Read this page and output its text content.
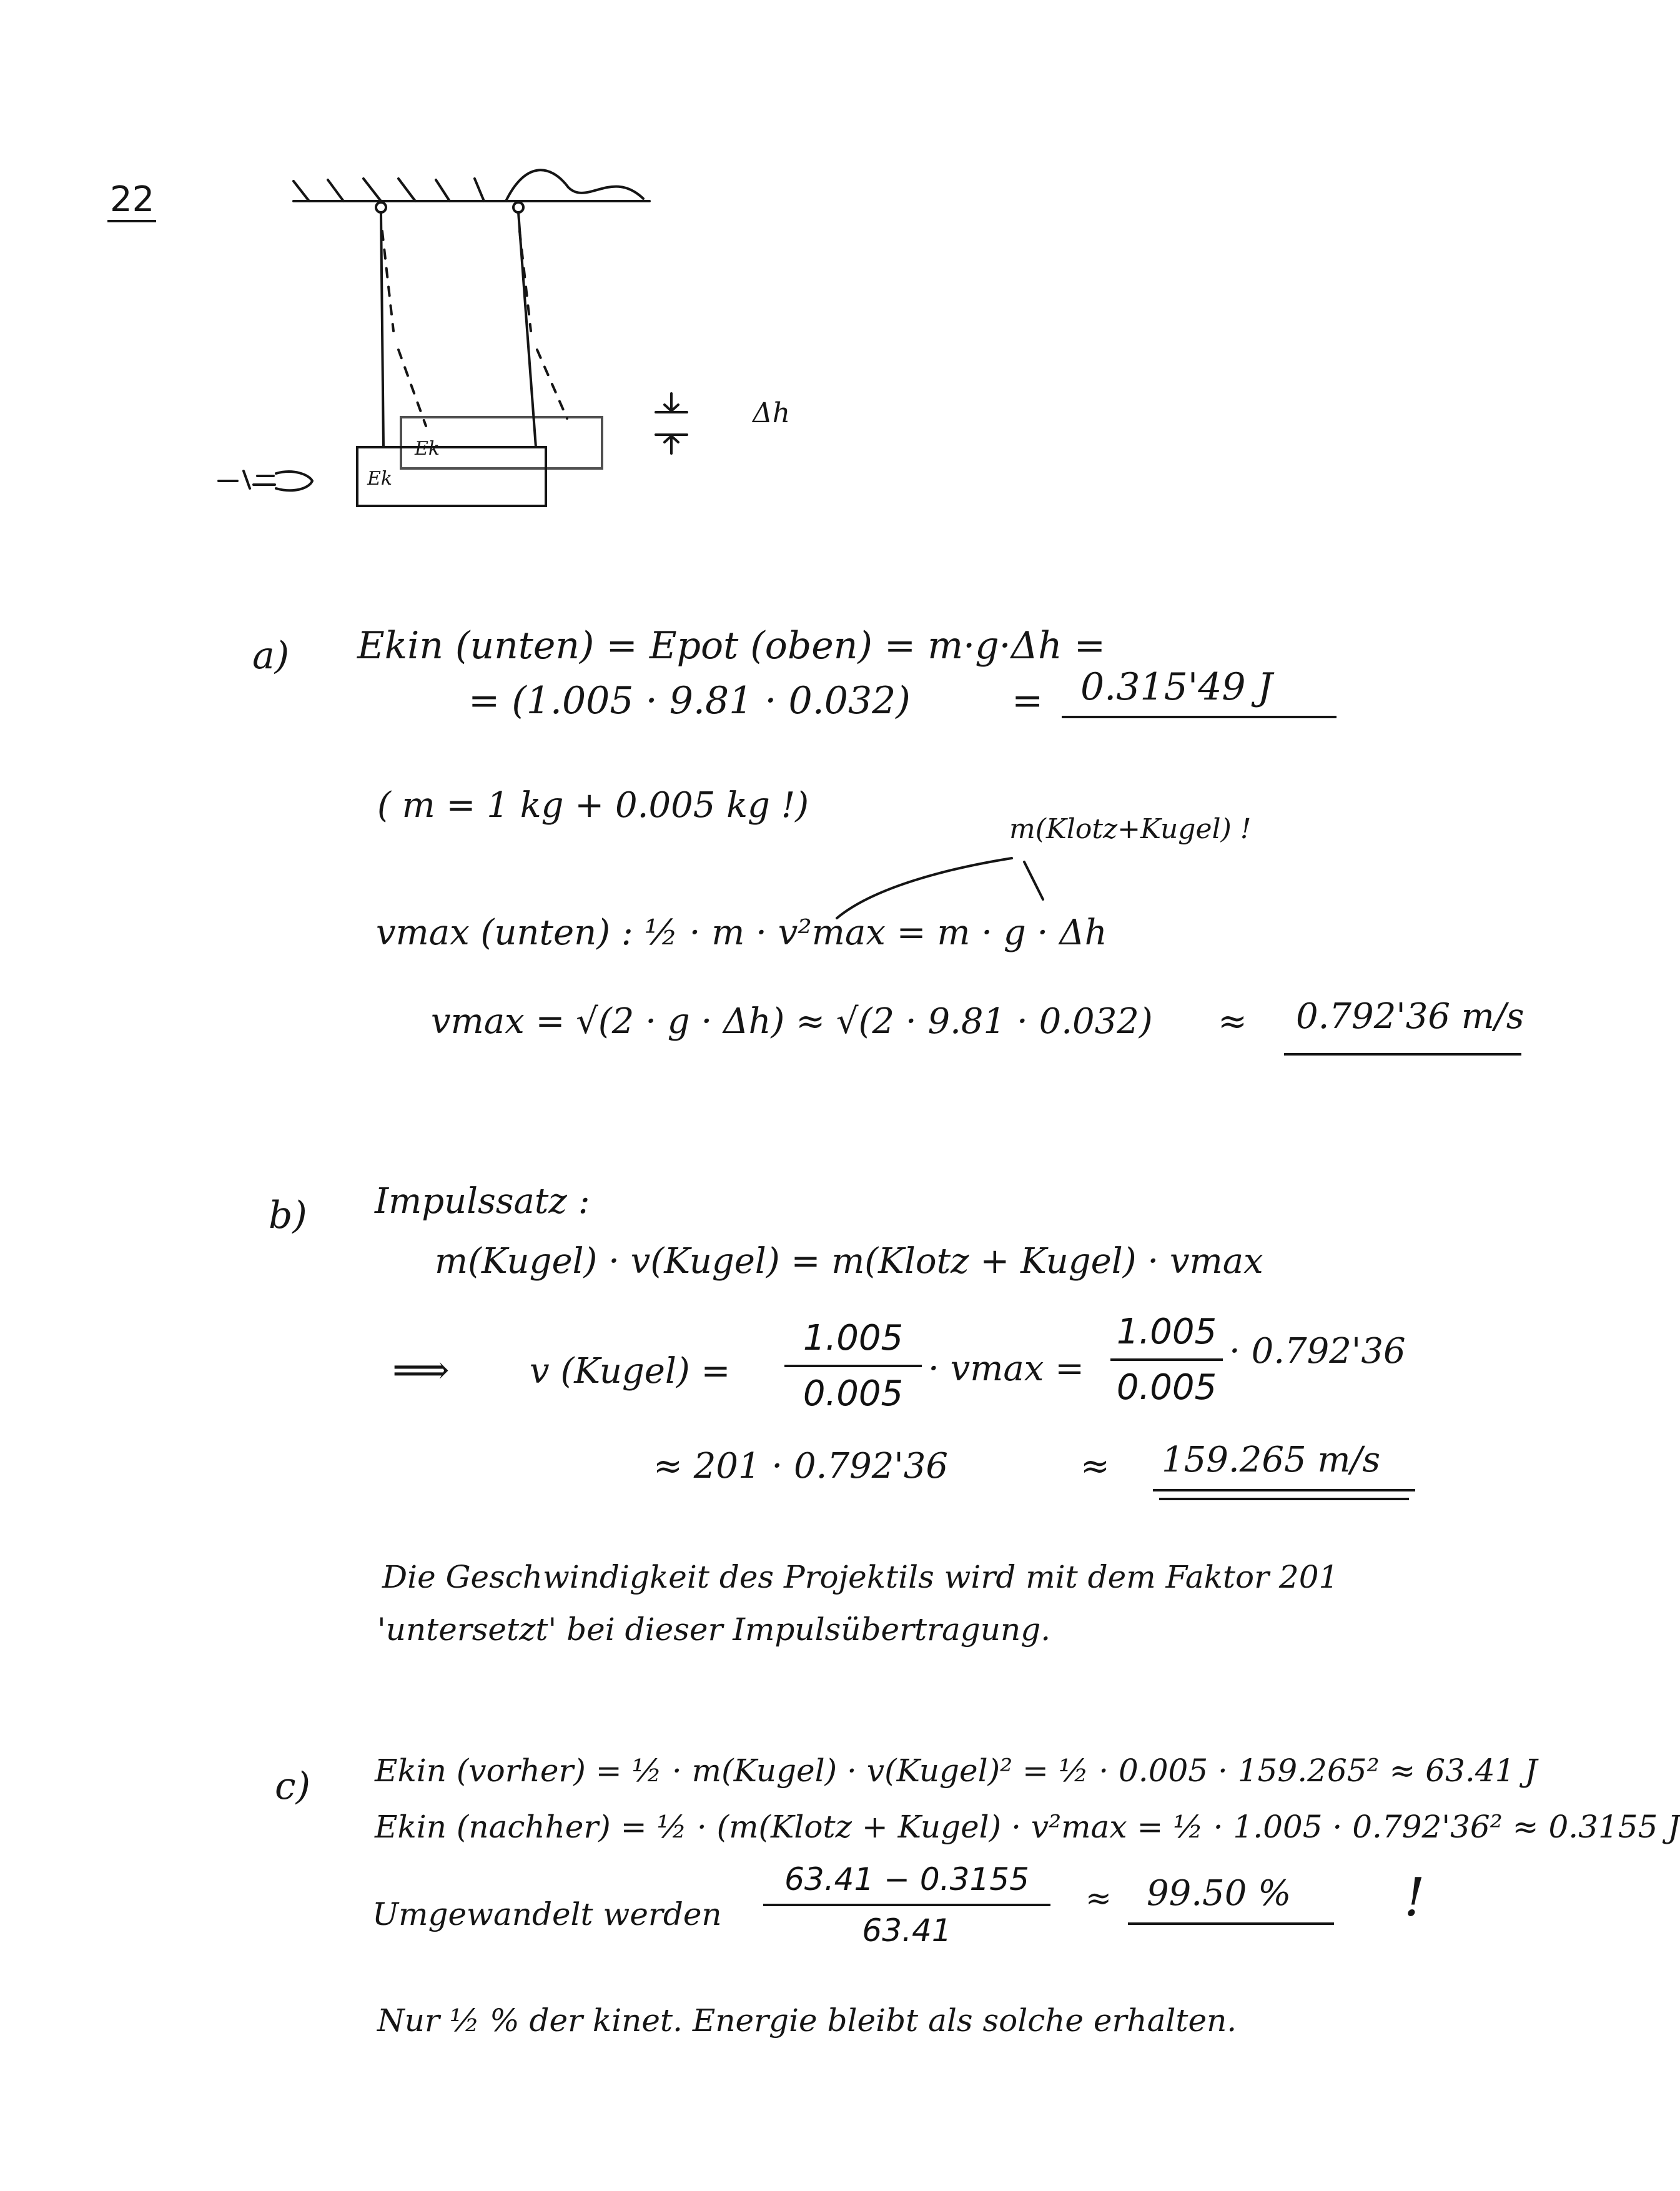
22
Δh
Ek
Ek
a) Ekin (unten) = Epot (oben) = m·g·Δh =
= (1.005 · 9.81 · 0.032)	= 0.315'49 J
( m = 1 kg + 0.005 kg !)
m(Klotz+Kugel) !
vmax (unten) : ½ · m · v²max = m · g · Δh
vmax = √(2 · g · Δh) ≈ √(2 · 9.81 · 0.032) ≈ 0.792'36 m/s
b) Impulssatz :
m(Kugel) · v(Kugel) = m(Klotz + Kugel) · vmax
⟹ v (Kugel) =
1.005
0.005
· vmax =
1.005
0.005
· 0.792'36
≈ 201 · 0.792'36	≈ 159.265 m/s
Die Geschwindigkeit des Projektils wird mit dem Faktor 201
'untersetzt' bei dieser Impulsübertragung.
c) Ekin (vorher) = ½ · m(Kugel) · v(Kugel)² = ½ · 0.005 · 159.265² ≈ 63.41 J
Ekin (nachher) = ½ · (m(Klotz + Kugel) · v²max = ½ · 1.005 · 0.792'36² ≈ 0.3155 J
Umgewandelt werden
63.41 − 0.3155
63.41
≈ 99.50 % !
Nur ½ % der kinet. Energie bleibt als solche erhalten.
